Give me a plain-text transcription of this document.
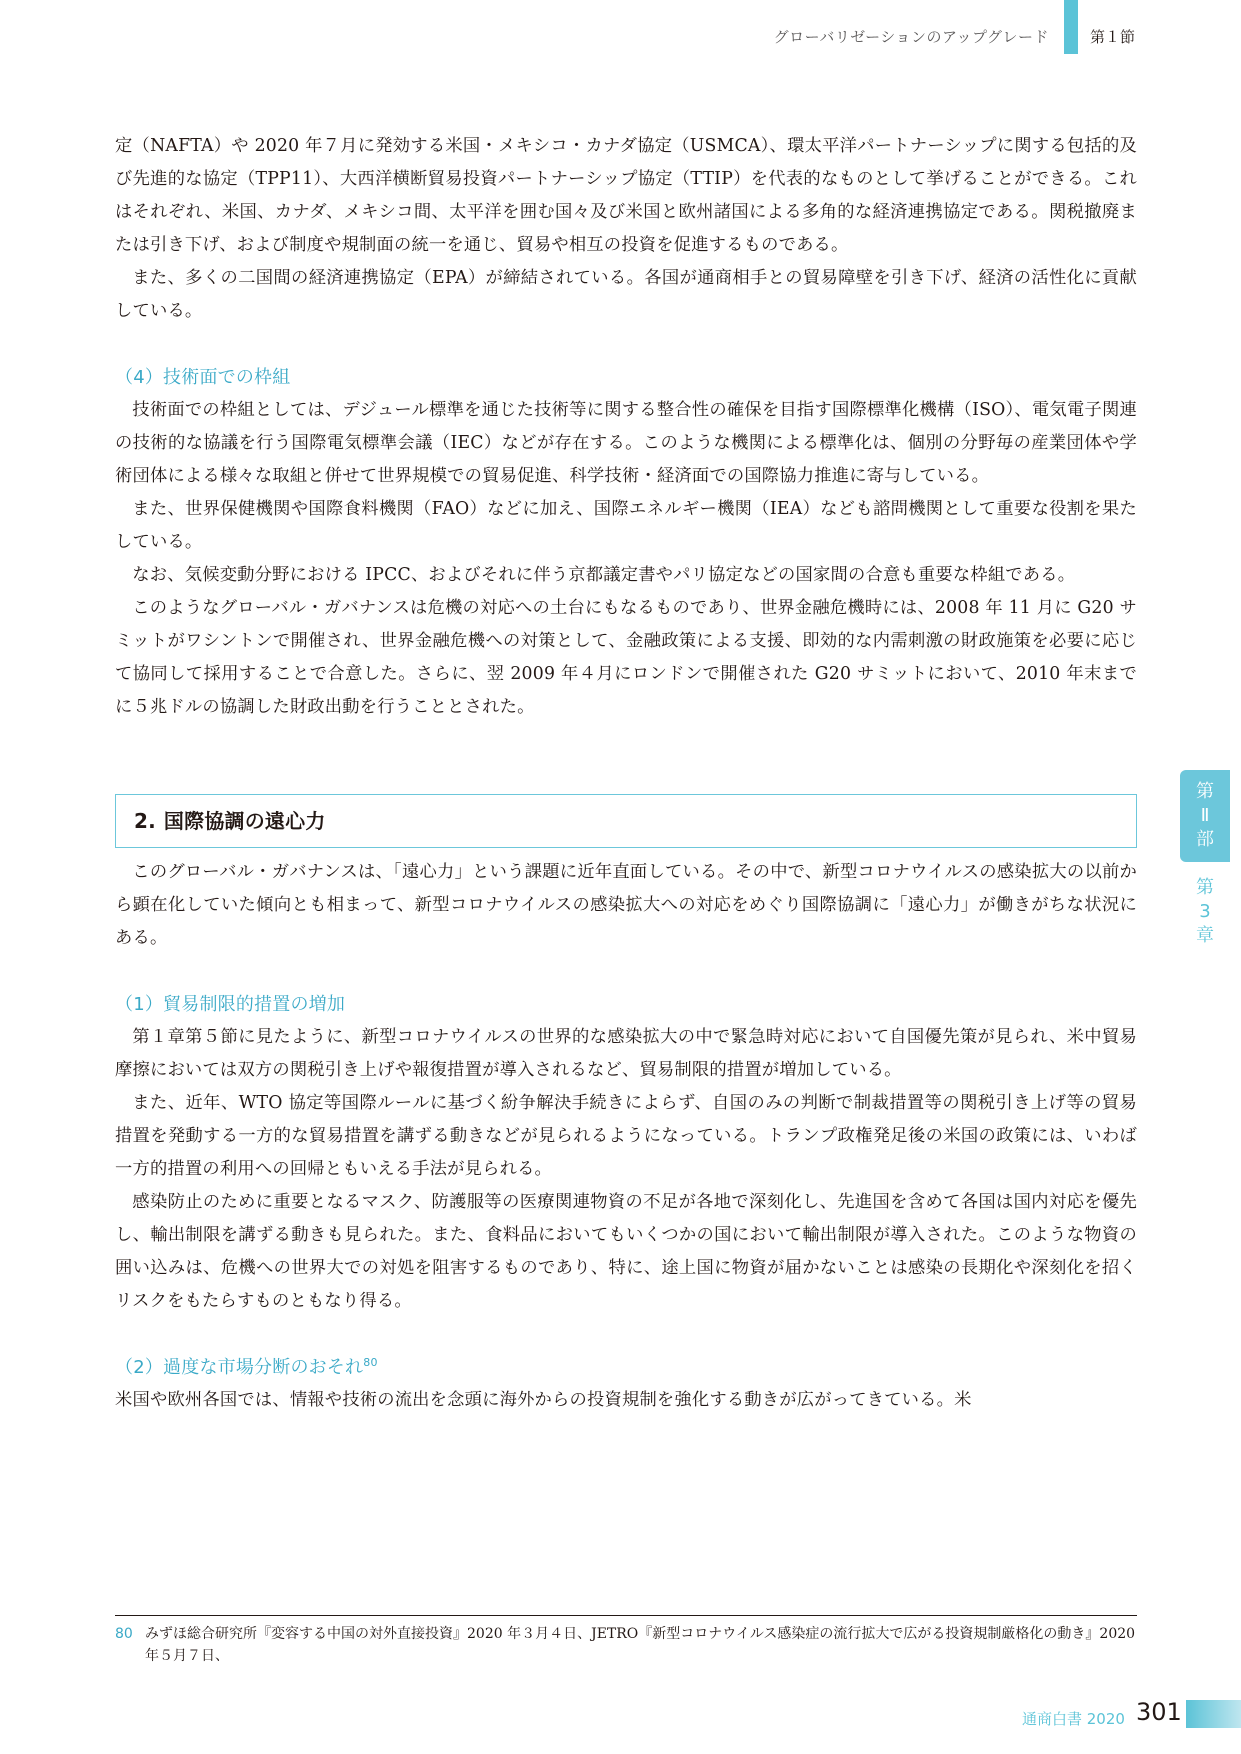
グローバリゼーションのアップグレード	第１節

定（NAFTA）や 2020 年７月に発効する米国・メキシコ・カナダ協定（USMCA）、環太平洋パートナーシップに関する包括的及び先進的な協定（TPP11）、大西洋横断貿易投資パートナーシップ協定（TTIP）を代表的なものとして挙げることができる。これはそれぞれ、米国、カナダ、メキシコ間、太平洋を囲む国々及び米国と欧州諸国による多角的な経済連携協定である。関税撤廃または引き下げ、および制度や規制面の統一を通じ、貿易や相互の投資を促進するものである。

また、多くの二国間の経済連携協定（EPA）が締結されている。各国が通商相手との貿易障壁を引き下げ、経済の活性化に貢献している。

（4）技術面での枠組

技術面での枠組としては、デジュール標準を通じた技術等に関する整合性の確保を目指す国際標準化機構（ISO）、電気電子関連の技術的な協議を行う国際電気標準会議（IEC）などが存在する。このような機関による標準化は、個別の分野毎の産業団体や学術団体による様々な取組と併せて世界規模での貿易促進、科学技術・経済面での国際協力推進に寄与している。

また、世界保健機関や国際食料機関（FAO）などに加え、国際エネルギー機関（IEA）なども諮問機関として重要な役割を果たしている。

なお、気候変動分野における IPCC、およびそれに伴う京都議定書やパリ協定などの国家間の合意も重要な枠組である。

このようなグローバル・ガバナンスは危機の対応への土台にもなるものであり、世界金融危機時には、2008 年 11 月に G20 サミットがワシントンで開催され、世界金融危機への対策として、金融政策による支援、即効的な内需刺激の財政施策を必要に応じて協同して採用することで合意した。さらに、翌 2009 年４月にロンドンで開催された G20 サミットにおいて、2010 年末までに５兆ドルの協調した財政出動を行うこととされた。

2. 国際協調の遠心力

このグローバル・ガバナンスは、「遠心力」という課題に近年直面している。その中で、新型コロナウイルスの感染拡大の以前から顕在化していた傾向とも相まって、新型コロナウイルスの感染拡大への対応をめぐり国際協調に「遠心力」が働きがちな状況にある。

（1）貿易制限的措置の増加

第１章第５節に見たように、新型コロナウイルスの世界的な感染拡大の中で緊急時対応において自国優先策が見られ、米中貿易摩擦においては双方の関税引き上げや報復措置が導入されるなど、貿易制限的措置が増加している。

また、近年、WTO 協定等国際ルールに基づく紛争解決手続きによらず、自国のみの判断で制裁措置等の関税引き上げ等の貿易措置を発動する一方的な貿易措置を講ずる動きなどが見られるようになっている。トランプ政権発足後の米国の政策には、いわば一方的措置の利用への回帰ともいえる手法が見られる。

感染防止のために重要となるマスク、防護服等の医療関連物資の不足が各地で深刻化し、先進国を含めて各国は国内対応を優先し、輸出制限を講ずる動きも見られた。また、食料品においてもいくつかの国において輸出制限が導入された。このような物資の囲い込みは、危機への世界大での対処を阻害するものであり、特に、途上国に物資が届かないことは感染の長期化や深刻化を招くリスクをもたらすものともなり得る。

（2）過度な市場分断のおそれ$^{80}$

米国や欧州各国では、情報や技術の流出を念頭に海外からの投資規制を強化する動きが広がってきている。米

80 みずほ総合研究所『変容する中国の対外直接投資』2020 年３月４日、JETRO『新型コロナウイルス感染症の流行拡大で広がる投資規制厳格化の動き』2020 年５月７日、
第
Ⅱ
部
第
3
章
通商白書 2020 301
